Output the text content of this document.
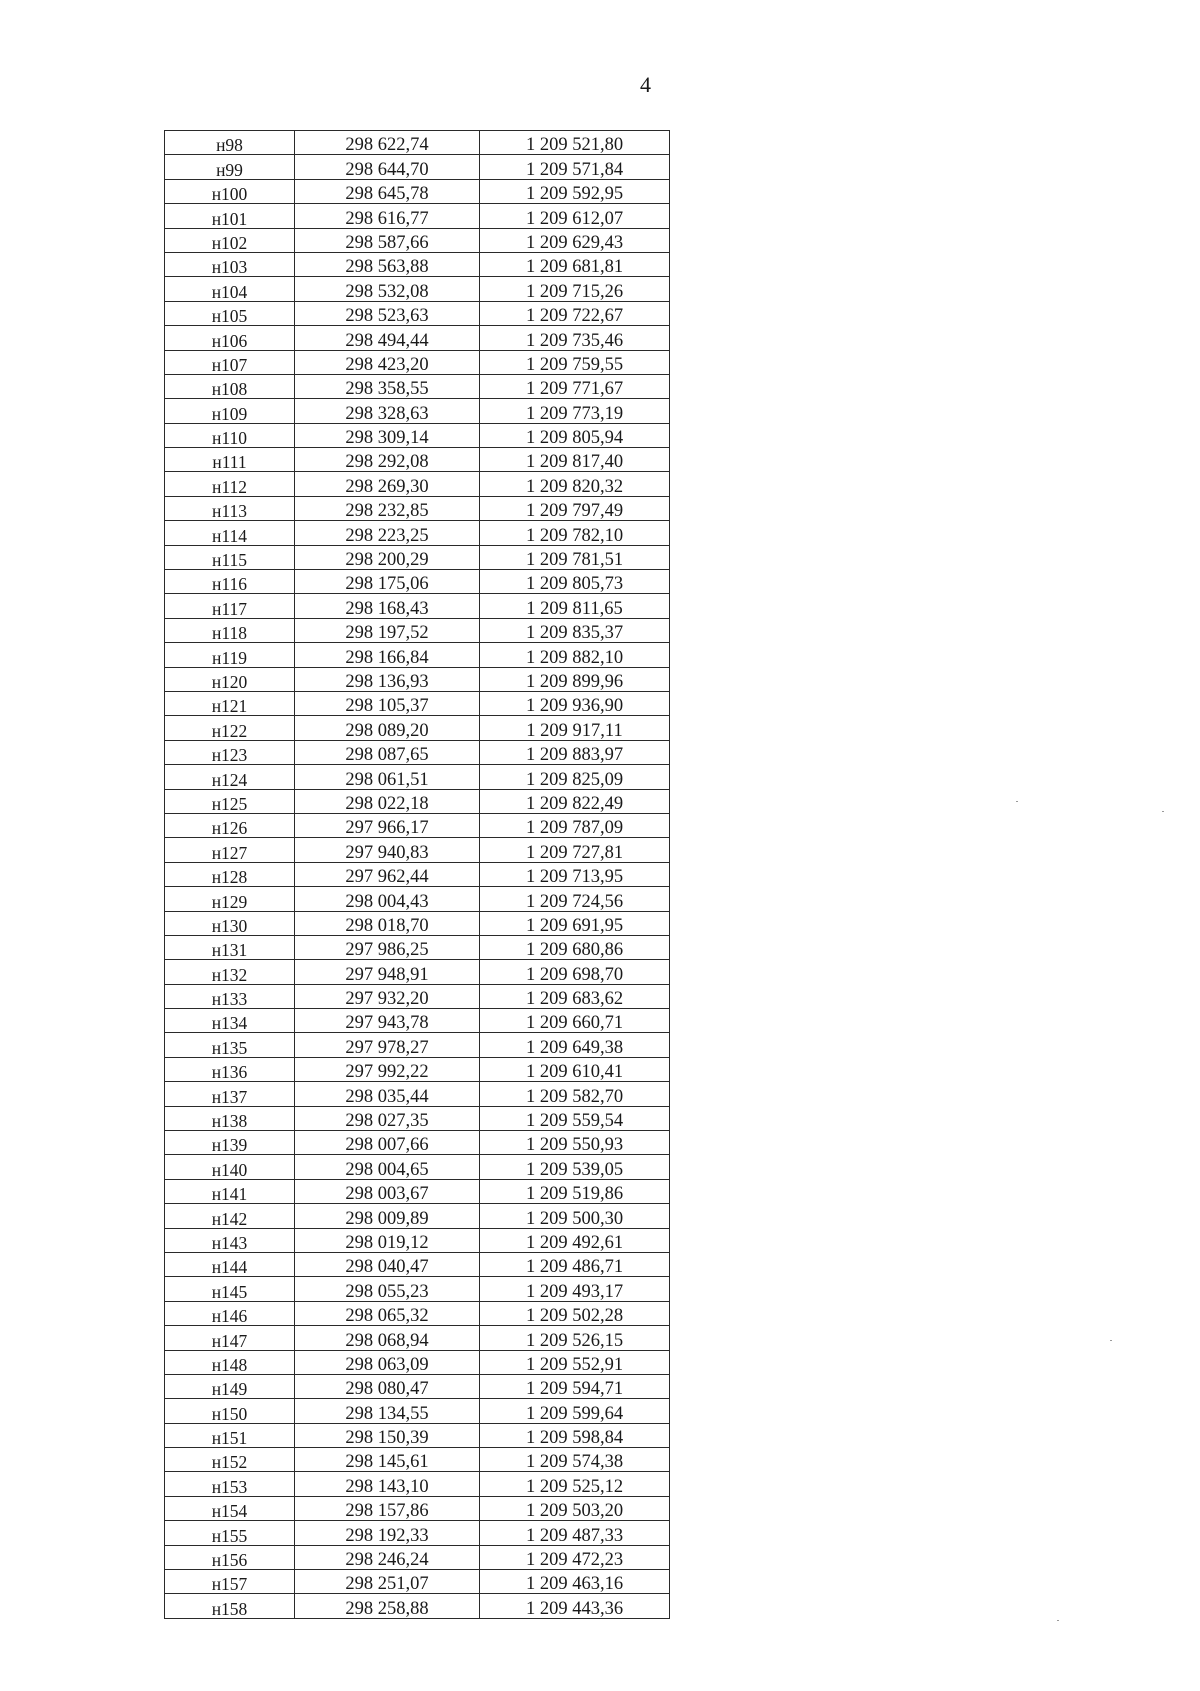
4
н98	298 622,74	1 209 521,80
н99	298 644,70	1 209 571,84
н100	298 645,78	1 209 592,95
н101	298 616,77	1 209 612,07
н102	298 587,66	1 209 629,43
н103	298 563,88	1 209 681,81
н104	298 532,08	1 209 715,26
н105	298 523,63	1 209 722,67
н106	298 494,44	1 209 735,46
н107	298 423,20	1 209 759,55
н108	298 358,55	1 209 771,67
н109	298 328,63	1 209 773,19
н110	298 309,14	1 209 805,94
н111	298 292,08	1 209 817,40
н112	298 269,30	1 209 820,32
н113	298 232,85	1 209 797,49
н114	298 223,25	1 209 782,10
н115	298 200,29	1 209 781,51
н116	298 175,06	1 209 805,73
н117	298 168,43	1 209 811,65
н118	298 197,52	1 209 835,37
н119	298 166,84	1 209 882,10
н120	298 136,93	1 209 899,96
н121	298 105,37	1 209 936,90
н122	298 089,20	1 209 917,11
н123	298 087,65	1 209 883,97
н124	298 061,51	1 209 825,09
н125	298 022,18	1 209 822,49
н126	297 966,17	1 209 787,09
н127	297 940,83	1 209 727,81
н128	297 962,44	1 209 713,95
н129	298 004,43	1 209 724,56
н130	298 018,70	1 209 691,95
н131	297 986,25	1 209 680,86
н132	297 948,91	1 209 698,70
н133	297 932,20	1 209 683,62
н134	297 943,78	1 209 660,71
н135	297 978,27	1 209 649,38
н136	297 992,22	1 209 610,41
н137	298 035,44	1 209 582,70
н138	298 027,35	1 209 559,54
н139	298 007,66	1 209 550,93
н140	298 004,65	1 209 539,05
н141	298 003,67	1 209 519,86
н142	298 009,89	1 209 500,30
н143	298 019,12	1 209 492,61
н144	298 040,47	1 209 486,71
н145	298 055,23	1 209 493,17
н146	298 065,32	1 209 502,28
н147	298 068,94	1 209 526,15
н148	298 063,09	1 209 552,91
н149	298 080,47	1 209 594,71
н150	298 134,55	1 209 599,64
н151	298 150,39	1 209 598,84
н152	298 145,61	1 209 574,38
н153	298 143,10	1 209 525,12
н154	298 157,86	1 209 503,20
н155	298 192,33	1 209 487,33
н156	298 246,24	1 209 472,23
н157	298 251,07	1 209 463,16
н158	298 258,88	1 209 443,36
